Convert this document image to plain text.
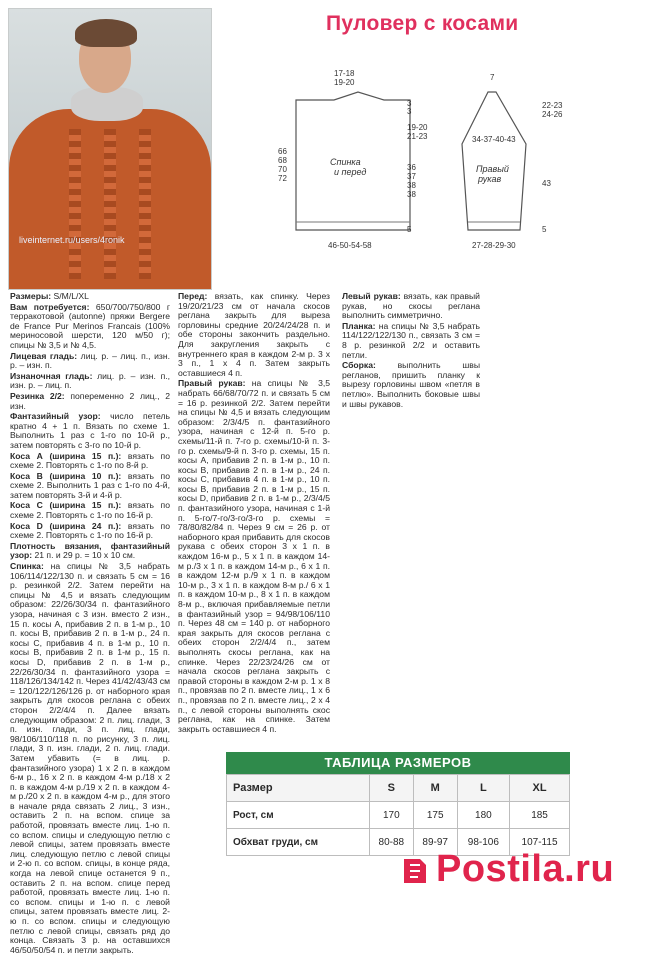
liveinternet.ru/users/4ronik
Пуловер с косами
17-18 19-20
3
3
19-20 21-23
36 37 38 38
5
66 68 70 72
Спинка и перед
46-50-54-58
7
22-23 24-26
34-37-40-43
Правый рукав	43
5
27-28-29-30

Размеры: S/M/L/XL

Вам потребуется: 650/700/750/800 г терракотовой (autonne) пряжи Bergere de France Pur Merinos Francais (100% мериносовой шерсти, 120 м/50 г); спицы № 3,5 и № 4,5.

Лицевая гладь: лиц. р. – лиц. п., изн. р. – изн. п.

Изнаночная гладь: лиц. р. – изн. п., изн. р. – лиц. п.

Резинка 2/2: попеременно 2 лиц., 2 изн.

Фантазийный узор: число петель кратно 4 + 1 п. Вязать по схеме 1. Выполнить 1 раз с 1-го по 10-й р., затем повторять с 3-го по 10-й р.

Коса А (ширина 15 п.): вязать по схеме 2. Повторять с 1-го по 8-й р.

Коса В (ширина 10 п.): вязать по схеме 2. Выполнить 1 раз с 1-го по 4-й, затем повторять 3-й и 4-й р.

Коса С (ширина 15 п.): вязать по схеме 2. Повторять с 1-го по 16-й р.

Коса D (ширина 24 п.): вязать по схеме 2. Повторять с 1-го по 16-й р.

Плотность вязания, фантазийный узор: 21 п. и 29 р. = 10 х 10 см.

Спинка: на спицы № 3,5 набрать 106/114/122/130 п. и связать 5 см = 16 р. резинкой 2/2. Затем перейти на спицы № 4,5 и вязать следующим образом: 22/26/30/34 п. фантазийного узора, начиная с 3 изн. вместо 2 изн., 15 п. косы А, прибавив 2 п. в 1-м р., 10 п. косы В, прибавив 2 п. в 1-м р., 24 п. косы С, прибавив 4 п. в 1-м р., 10 п. косы В, прибавив 2 п. в 1-м р., 15 п. косы D, прибавив 2 п. в 1-м р., 22/26/30/34 п. фантазийного узора = 118/126/134/142 п. Через 41/42/43/43 см = 120/122/126/126 р. от наборного края закрыть для скосов реглана с обеих сторон 2/2/4/4 п. Далее вязать следующим образом: 2 п. лиц. глади, 3 п. изн. глади, 3 п. лиц. глади, 98/106/110/118 п. по рисунку, 3 п. лиц. глади, 3 п. изн. глади, 2 п. лиц. глади. Затем убавить (= в лиц. р. фантазийного узора) 1 х 2 п. в каждом 6-м р., 16 х 2 п. в каждом 4-м р./18 х 2 п. в каждом 4-м р./19 х 2 п. в каждом 4-м р./20 х 2 п. в каждом 4-м р., для этого в начале ряда связать 2 лиц., 3 изн., оставить 2 п. на вспом. спице за работой, провязать вместе лиц. 1-ю п. со вспом. спицы и следующую петлю с левой спицы, затем провязать вместе лиц. следующую петлю с левой спицы и 2-ю п. со вспом. спицы, в конце ряда, когда на левой спице останется 9 п., оставить 2 п. на вспом. спице перед работой, провязать вместе лиц. 1-ю п. со вспом. спицы и 1-ю п. с левой спицы, затем провязать вместе лиц. 2-ю п. со вспом. спицы и следующую петлю с левой спицы, связать ряд до конца. Связать 3 р. на оставшихся 46/50/50/54 п. и петли закрыть.

Перед: вязать, как спинку. Через 19/20/21/23 см от начала скосов реглана закрыть для выреза горловины средние 20/24/24/28 п. и обе стороны закончить раздельно. Для закругления закрыть с внутреннего края в каждом 2-м р. 3 х 3 п., 1 х 4 п. Затем закрыть оставшиеся 4 п.

Правый рукав: на спицы № 3,5 набрать 66/68/70/72 п. и связать 5 см = 16 р. резинкой 2/2. Затем перейти на спицы № 4,5 и вязать следующим образом: 2/3/4/5 п. фантазийного узора, начиная с 12-й п. 5-го р. схемы/11-й п. 7-го р. схемы/10-й п. 3-го р. схемы/9-й п. 3-го р. схемы, 15 п. косы А, прибавив 2 п. в 1-м р., 10 п. косы В, прибавив 2 п. в 1-м р., 24 п. косы С, прибавив 4 п. в 1-м р., 10 п. косы В, прибавив 2 п. в 1-м р., 15 п. косы D, прибавив 2 п. в 1-м р., 2/3/4/5 п. фантазийного узора, начиная с 1-й п. 5-го/7-го/3-го/3-го р. схемы = 78/80/82/84 п. Через 9 см = 26 р. от наборного края прибавить для скосов рукава с обеих сторон 3 х 1 п. в каждом 16-м р., 5 х 1 п. в каждом 14-м р./3 х 1 п. в каждом 14-м р., 6 х 1 п. в каждом 12-м р./9 х 1 п. в каждом 10-м р., 3 х 1 п. в каждом 8-м р./ 6 х 1 п. в каждом 10-м р., 8 х 1 п. в каждом 8-м р., включая прибавляемые петли в фантазийный узор = 94/98/106/110 п. Через 48 см = 140 р. от наборного края закрыть для скосов реглана с обеих сторон 2/2/4/4 п., затем выполнять скосы реглана, как на спинке. Через 22/23/24/26 см от начала скосов реглана закрыть с правой стороны в каждом 2-м р. 1 х 8 п., провязав по 2 п. вместе лиц., 1 х 6 п., провязав по 2 п. вместе лиц., 2 х 4 п., с левой стороны выполнять скос реглана, как на спинке. Затем закрыть оставшиеся 4 п.

Левый рукав: вязать, как правый рукав, но скосы реглана выполнить симметрично.

Планка: на спицы № 3,5 набрать 114/122/122/130 п., связать 3 см = 8 р. резинкой 2/2 и оставить петли.

Сборка: выполнить швы регланов, пришить планку к вырезу горловины швом «петля в петлю». Выполнить боковые швы и швы рукавов.

ТАБЛИЦА РАЗМЕРОВ
Размер	S	M	L	XL
Рост, см	170	175	180	185
Обхват груди, см	80-88	89-97	98-106	107-115
Postila.ru
